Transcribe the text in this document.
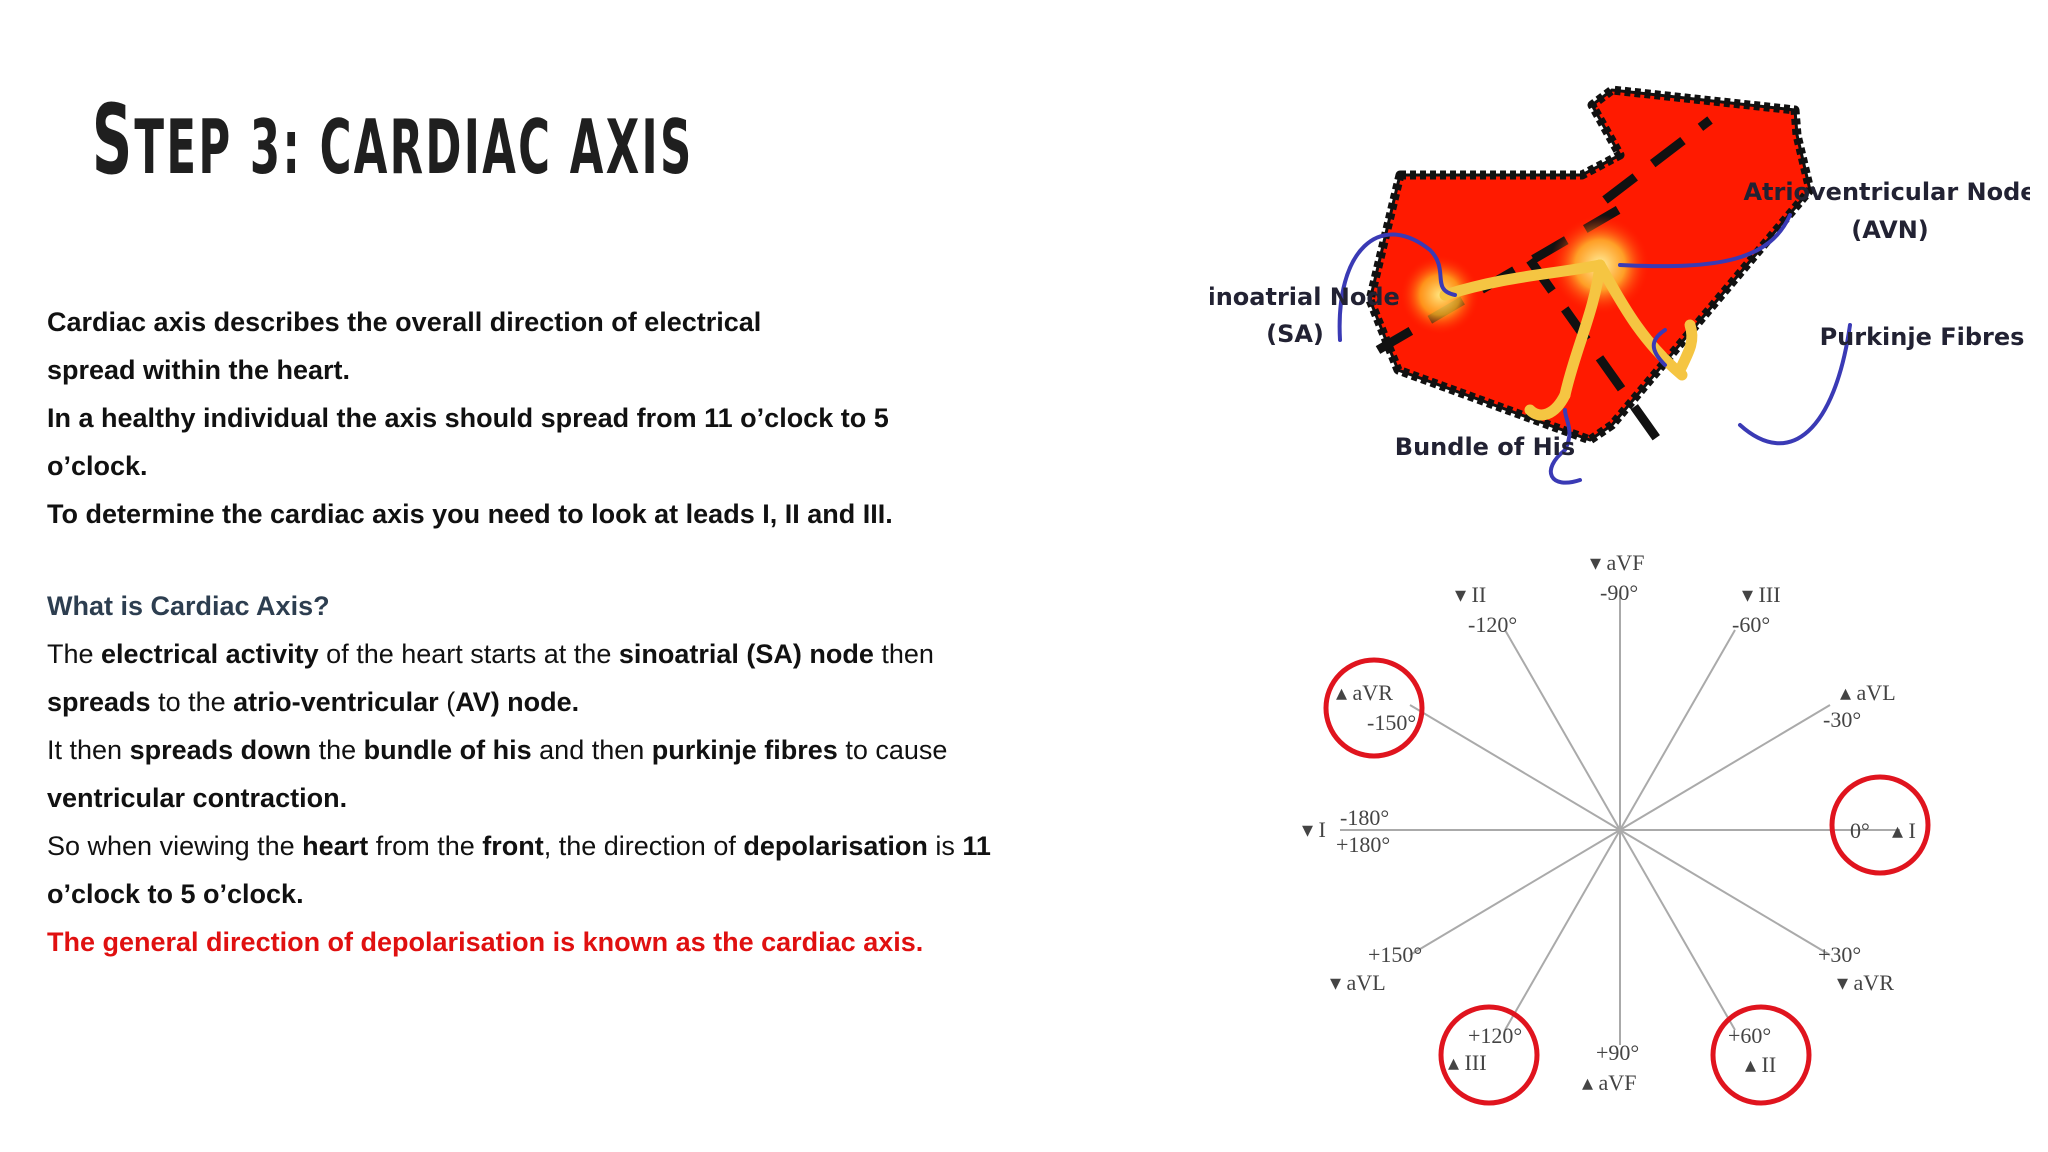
STEP 3: CARDIAC AXIS
Cardiac axis describes the overall direction of electrical spread within the heart.
In a healthy individual the axis should spread from 11 o’clock to 5 o’clock.
To determine the cardiac axis you need to look at leads I, II and III.
What is Cardiac Axis?
The electrical activity of the heart starts at the sinoatrial (SA) node then spreads to the atrio-ventricular (AV) node.
It then spreads down the bundle of his and then purkinje fibres to cause ventricular contraction.
So when viewing the heart from the front, the direction of depolarisation is 11 o’clock to 5 o’clock.
The general direction of depolarisation is known as the cardiac axis.
Sinoatrial Node
(SA)
Atrioventricular Node
(AVN)
Purkinje Fibres
Bundle of His
▾ aVF
-90°
▾ II
-120°
▾ III
-60°
▴ aVR
-150°
▴ aVL
-30°
▾ I -180°
+180°
0° ▴ I
+150°
▾ aVL
+30°
▾ aVR
+120°
▴ III	+90°
▴ aVF
+60°
▴ II
